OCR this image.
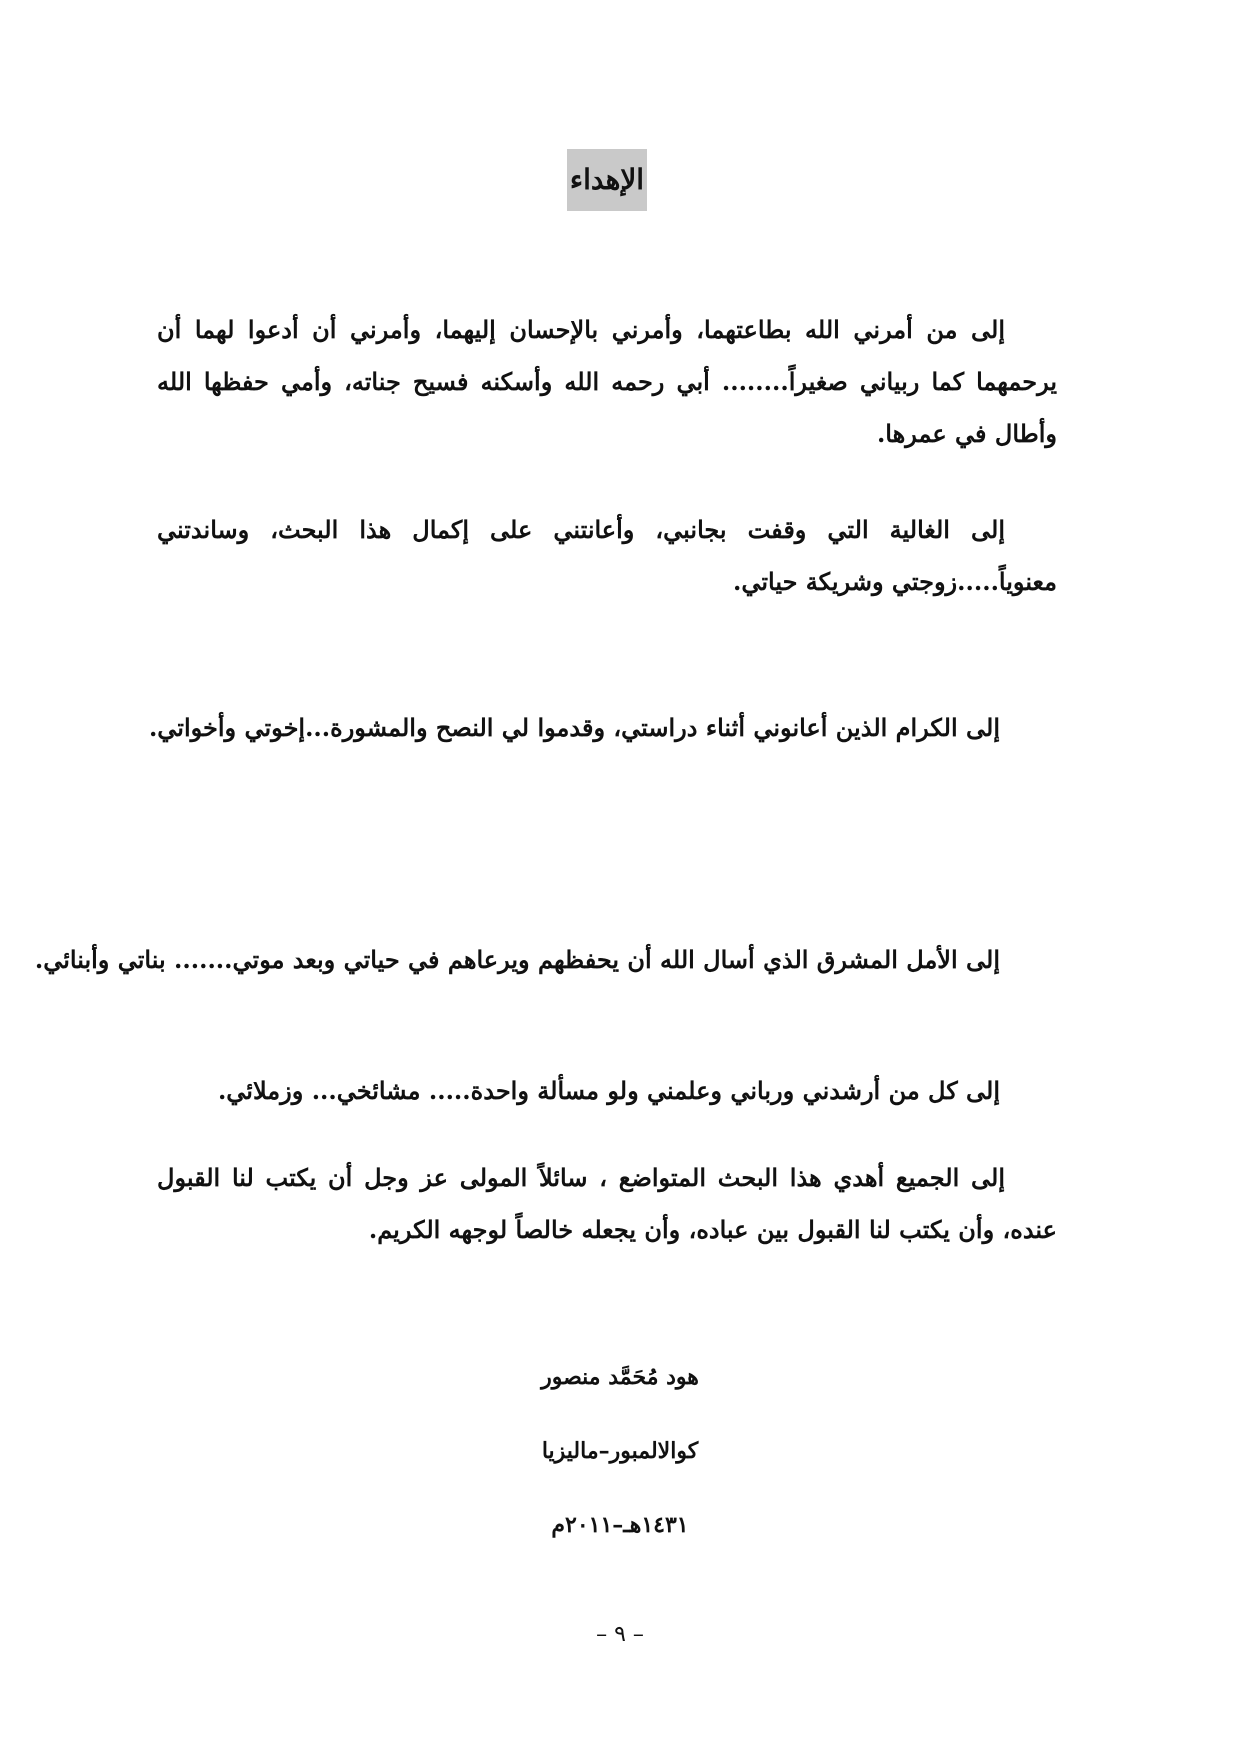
الإهداء
إلى من أمرني الله بطاعتهما، وأمرني بالإحسان إليهما، وأمرني أن أدعوا لهما أن يرحمهما كما ربياني صغيراً........ أبي رحمه الله وأسكنه فسيح جناته، وأمي حفظها الله وأطال في عمرها.
إلى الغالية التي وقفت بجانبي، وأعانتني على إكمال هذا البحث، وساندتني معنوياً.....زوجتي وشريكة حياتي.
إلى الكرام الذين أعانوني أثناء دراستي، وقدموا لي النصح والمشورة...إخوتي وأخواتي.
إلى الأمل المشرق الذي أسال الله أن يحفظهم ويرعاهم في حياتي وبعد موتي....... بناتي وأبنائي.
إلى كل من أرشدني ورباني وعلمني ولو مسألة واحدة..... مشائخي... وزملائي.
إلى الجميع أهدي هذا البحث المتواضع ، سائلاً المولى عز وجل أن يكتب لنا القبول عنده، وأن يكتب لنا القبول بين عباده، وأن يجعله خالصاً لوجهه الكريم.
هود مُحَمَّد منصور
كوالالمبور–ماليزيا
١٤٣١هـ–٢٠١١م
– ٩ –
